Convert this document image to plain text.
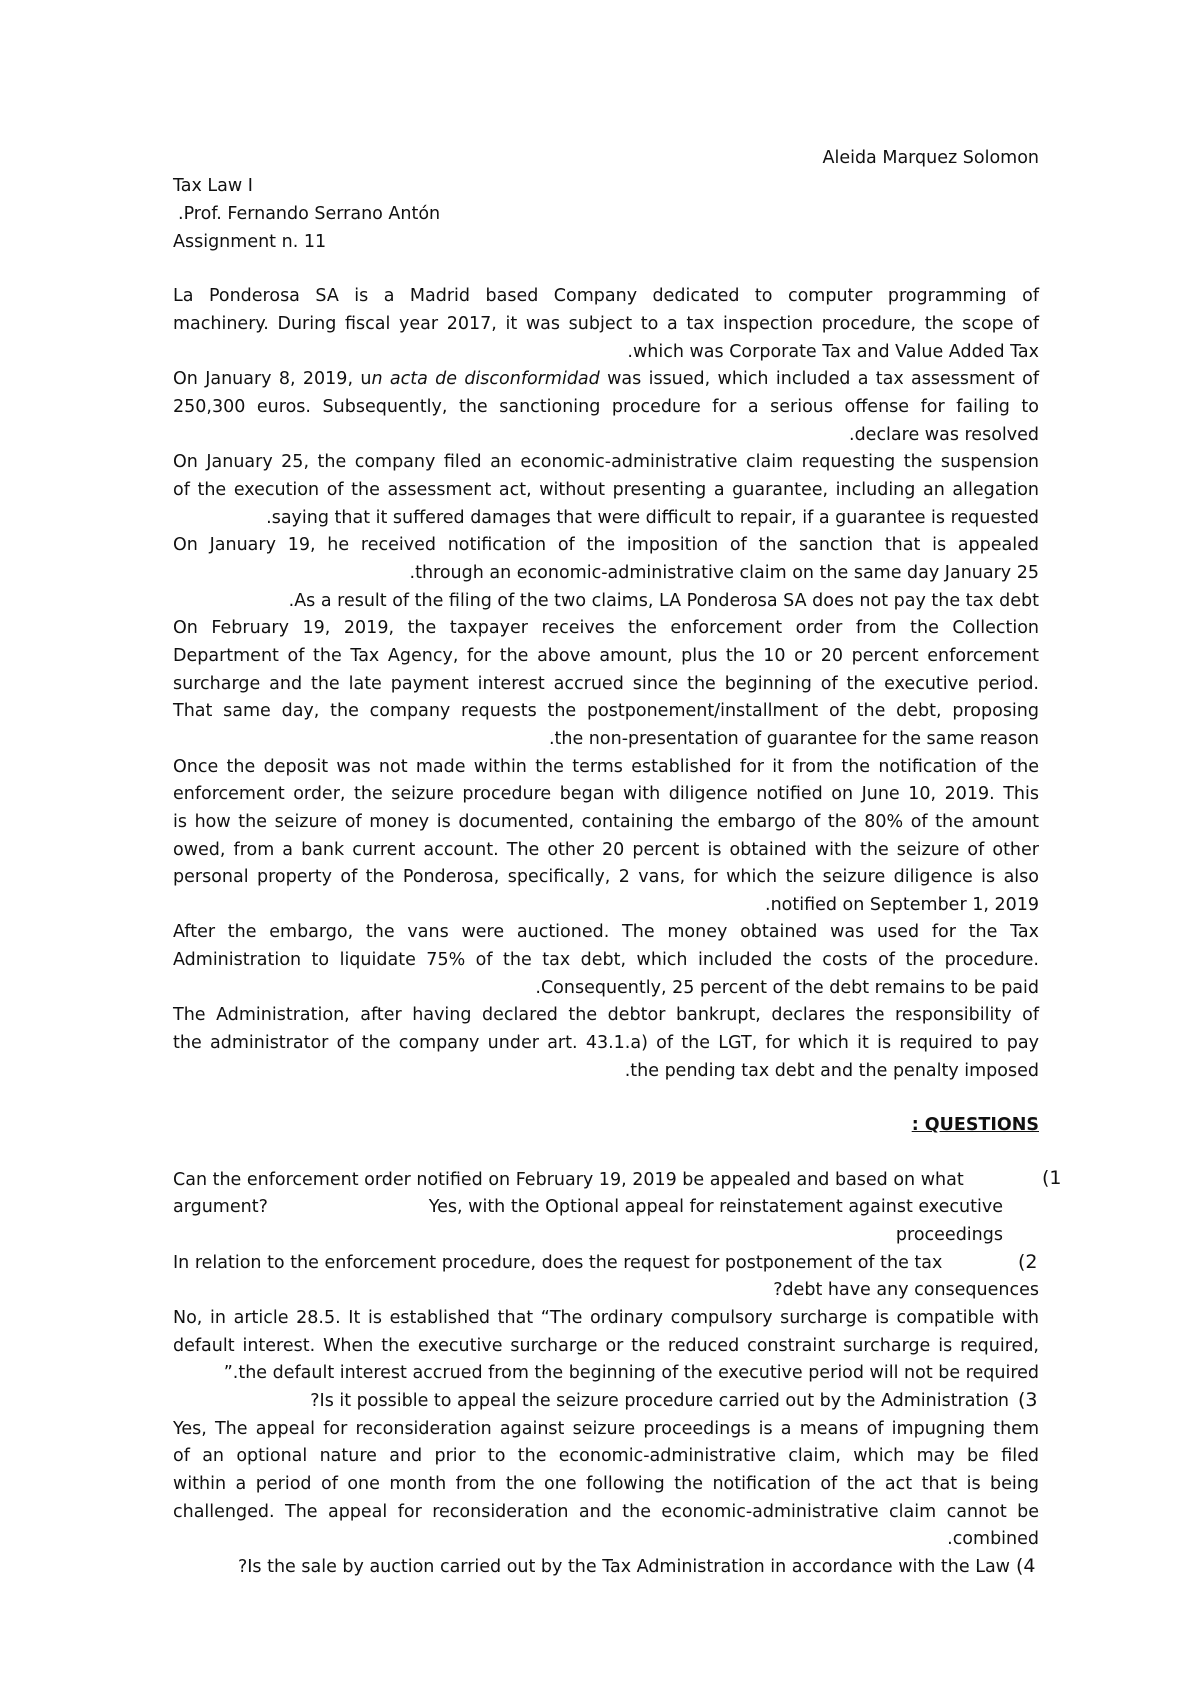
Aleida Marquez Solomon
Tax Law I
.Prof. Fernando Serrano Antón
Assignment n. 11
La Ponderosa SA is a Madrid based Company dedicated to computer programming of
machinery. During fiscal year 2017, it was subject to a tax inspection procedure, the scope of
.which was Corporate Tax and Value Added Tax
On January 8, 2019, un acta de disconformidad was issued, which included a tax assessment of
250,300 euros. Subsequently, the sanctioning procedure for a serious offense for failing to
.declare was resolved
On January 25, the company filed an economic-administrative claim requesting the suspension
of the execution of the assessment act, without presenting a guarantee, including an allegation
.saying that it suffered damages that were difficult to repair, if a guarantee is requested
On January 19, he received notification of the imposition of the sanction that is appealed
.through an economic-administrative claim on the same day January 25
.As a result of the filing of the two claims, LA Ponderosa SA does not pay the tax debt
On February 19, 2019, the taxpayer receives the enforcement order from the Collection
Department of the Tax Agency, for the above amount, plus the 10 or 20 percent enforcement
surcharge and the late payment interest accrued since the beginning of the executive period.
That same day, the company requests the postponement/installment of the debt, proposing
.the non-presentation of guarantee for the same reason
Once the deposit was not made within the terms established for it from the notification of the
enforcement order, the seizure procedure began with diligence notified on June 10, 2019. This
is how the seizure of money is documented, containing the embargo of the 80% of the amount
owed, from a bank current account. The other 20 percent is obtained with the seizure of other
personal property of the Ponderosa, specifically, 2 vans, for which the seizure diligence is also
.notified on September 1, 2019
After the embargo, the vans were auctioned. The money obtained was used for the Tax
Administration to liquidate 75% of the tax debt, which included the costs of the procedure.
.Consequently, 25 percent of the debt remains to be paid
The Administration, after having declared the debtor bankrupt, declares the responsibility of
the administrator of the company under art. 43.1.a) of the LGT, for which it is required to pay
.the pending tax debt and the penalty imposed
: QUESTIONS
Can the enforcement order notified on February 19, 2019 be appealed and based on what	(1
argument?	Yes, with the Optional appeal for reinstatement against executive
proceedings
In relation to the enforcement procedure, does the request for postponement of the tax	(2
?debt have any consequences
No, in article 28.5. It is established that “The ordinary compulsory surcharge is compatible with
default interest. When the executive surcharge or the reduced constraint surcharge is required,
”.the default interest accrued from the beginning of the executive period will not be required
?Is it possible to appeal the seizure procedure carried out by the Administration (3
Yes, The appeal for reconsideration against seizure proceedings is a means of impugning them
of an optional nature and prior to the economic-administrative claim, which may be filed
within a period of one month from the one following the notification of the act that is being
challenged. The appeal for reconsideration and the economic-administrative claim cannot be
.combined
?Is the sale by auction carried out by the Tax Administration in accordance with the Law (4
